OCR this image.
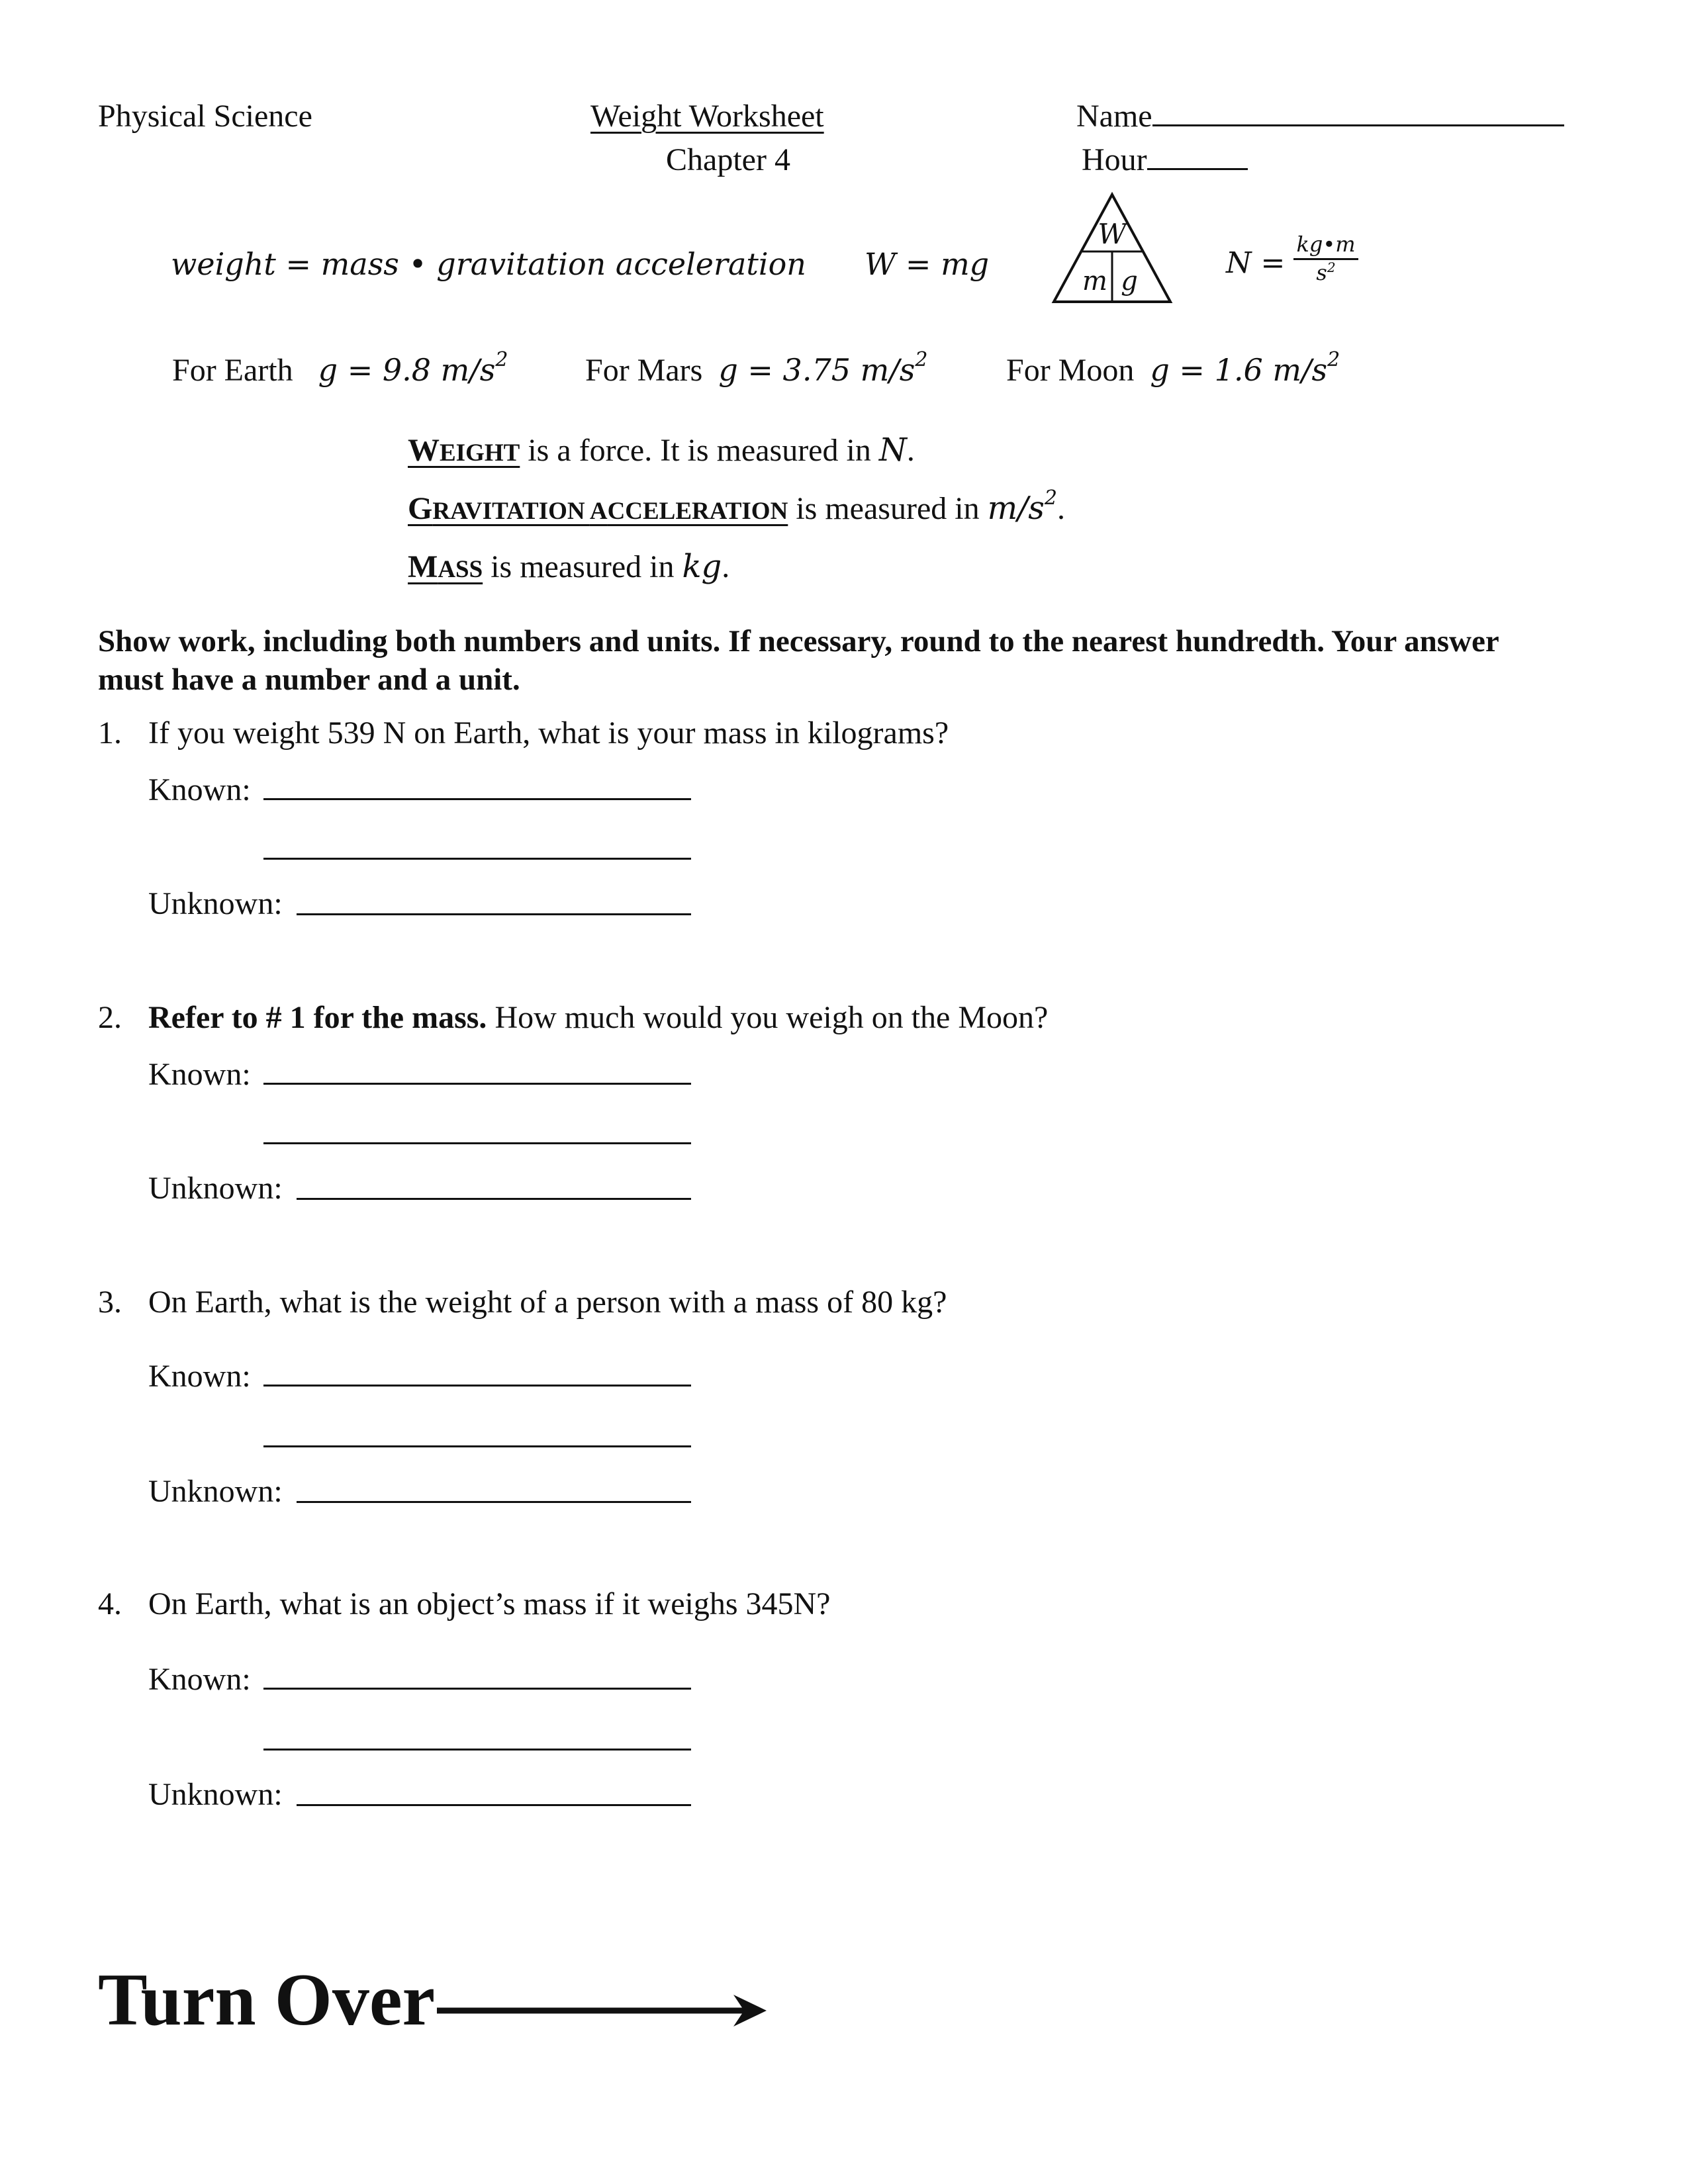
Physical Science	Weight Worksheet
Chapter 4
Name
Hour
weight = mass • gravitation acceleration W = mg
W
m g
N =
kg•m
$s^2$
For Earth g = 9.8 $m/s^2$ For Mars g = 3.75 $m/s^2$ For Moon g = 1.6 $m/s^2$
WEIGHT is a force. It is measured in N.
GRAVITATION ACCELERATION is measured in $m/s^2$.
MASS is measured in kg.
Show work, including both numbers and units. If necessary, round to the nearest hundredth. Your answer
must have a number and a unit.
1. If you weight 539 N on Earth, what is your mass in kilograms?
Known:
Unknown:
2. Refer to # 1 for the mass. How much would you weigh on the Moon?
Known:
Unknown:
3. On Earth, what is the weight of a person with a mass of 80 kg?
Known:
Unknown:
4. On Earth, what is an object’s mass if it weighs 345N?
Known:
Unknown:
Turn Over
